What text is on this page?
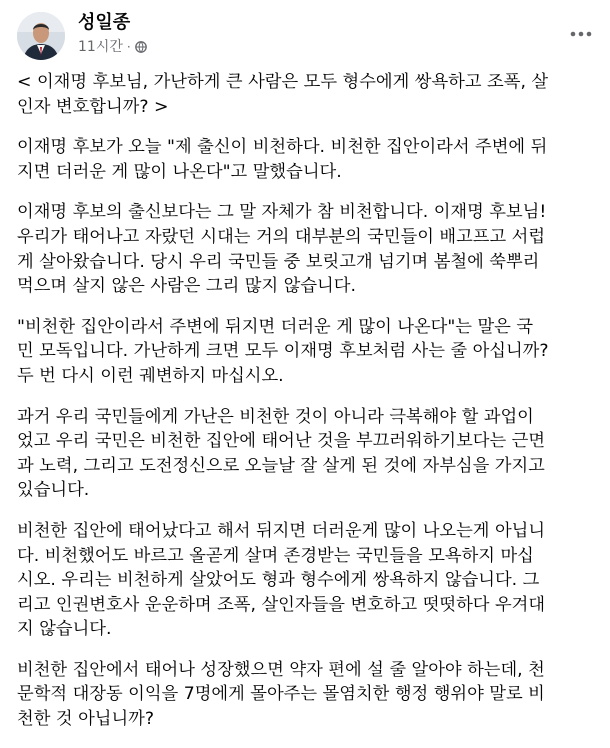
성일종
11시간 ·

< 이재명 후보님, 가난하게 큰 사람은 모두 형수에게 쌍욕하고 조폭, 살
인자 변호합니까? >

이재명 후보가 오늘 "제 출신이 비천하다. 비천한 집안이라서 주변에 뒤
지면 더러운 게 많이 나온다"고 말했습니다.

이재명 후보의 출신보다는 그 말 자체가 참 비천합니다. 이재명 후보님!
우리가 태어나고 자랐던 시대는 거의 대부분의 국민들이 배고프고 서럽
게 살아왔습니다. 당시 우리 국민들 중 보릿고개 넘기며 봄철에 쑥뿌리
먹으며 살지 않은 사람은 그리 많지 않습니다.

"비천한 집안이라서 주변에 뒤지면 더러운 게 많이 나온다"는 말은 국
민 모독입니다. 가난하게 크면 모두 이재명 후보처럼 사는 줄 아십니까?
두 번 다시 이런 궤변하지 마십시오.

과거 우리 국민들에게 가난은 비천한 것이 아니라 극복해야 할 과업이
었고 우리 국민은 비천한 집안에 태어난 것을 부끄러워하기보다는 근면
과 노력, 그리고 도전정신으로 오늘날 잘 살게 된 것에 자부심을 가지고
있습니다.

비천한 집안에 태어났다고 해서 뒤지면 더러운게 많이 나오는게 아닙니
다. 비천했어도 바르고 올곧게 살며 존경받는 국민들을 모욕하지 마십
시오. 우리는 비천하게 살았어도 형과 형수에게 쌍욕하지 않습니다. 그
리고 인권변호사 운운하며 조폭, 살인자들을 변호하고 떳떳하다 우겨대
지 않습니다.

비천한 집안에서 태어나 성장했으면 약자 편에 설 줄 알아야 하는데, 천
문학적 대장동 이익을 7명에게 몰아주는 몰염치한 행정 행위야 말로 비
천한 것 아닙니까?
